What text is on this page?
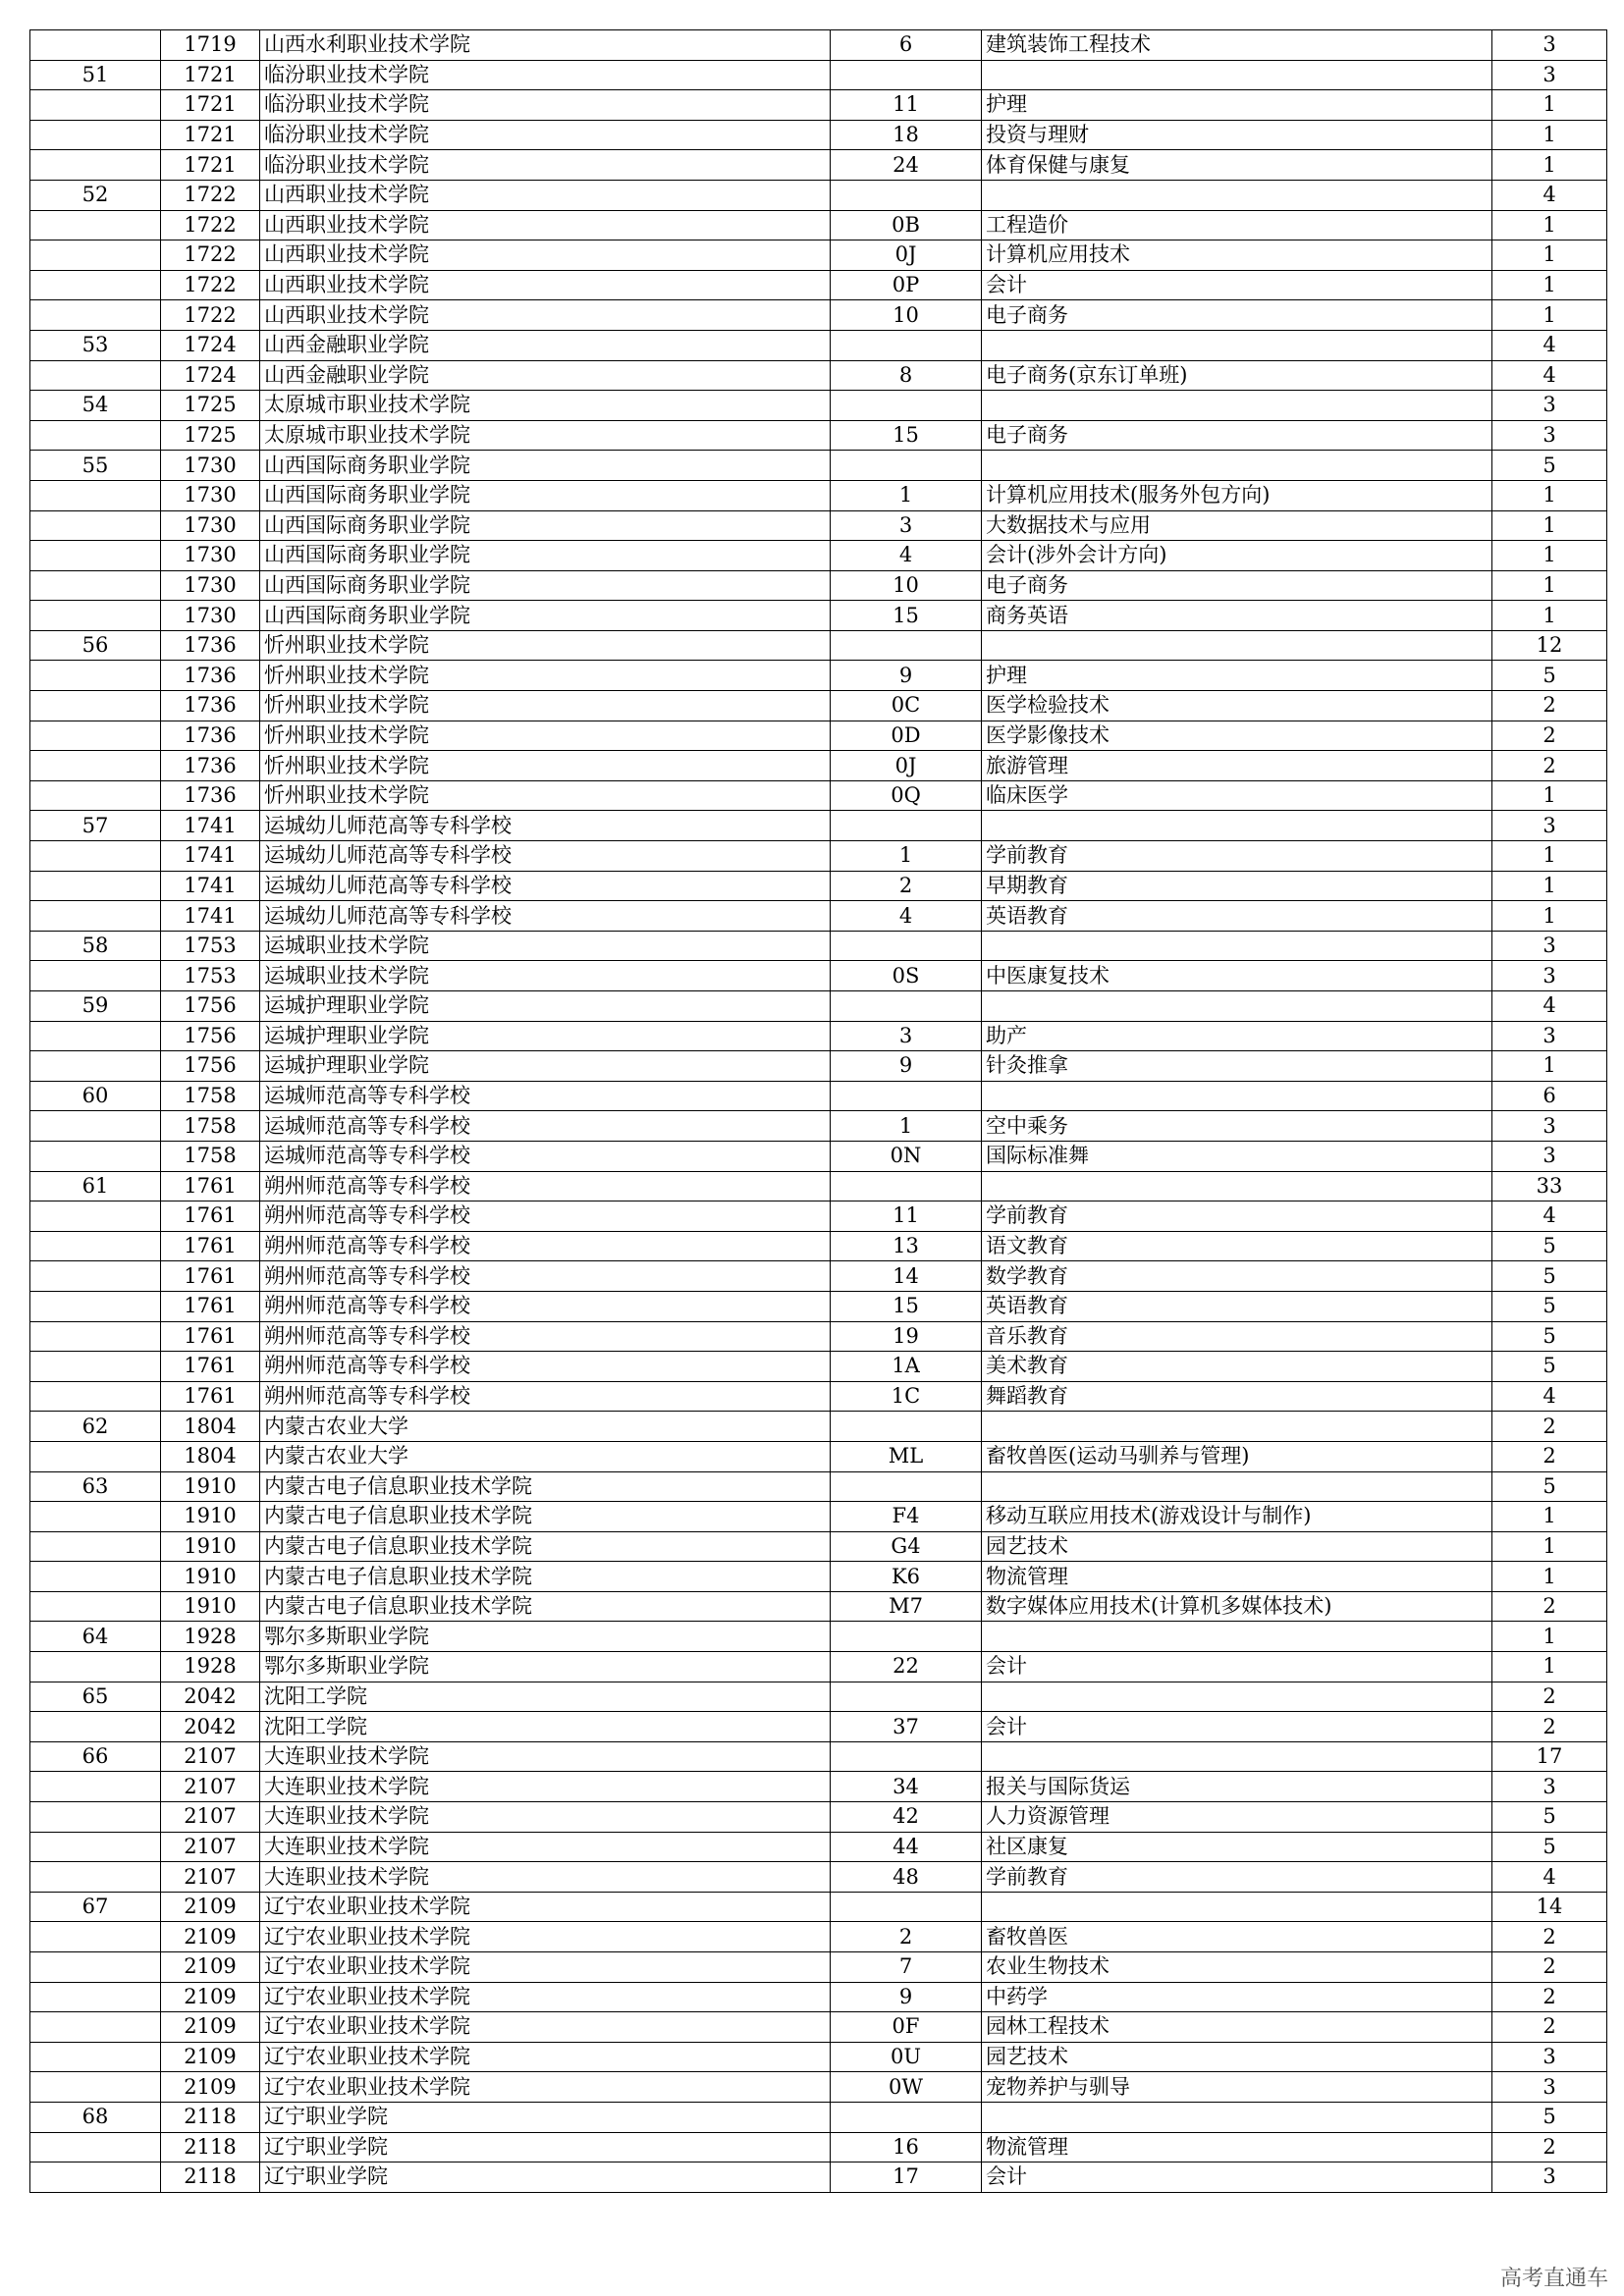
	1719	山西水利职业技术学院	6	建筑装饰工程技术	3
51	1721	临汾职业技术学院			3
	1721	临汾职业技术学院	11	护理	1
	1721	临汾职业技术学院	18	投资与理财	1
	1721	临汾职业技术学院	24	体育保健与康复	1
52	1722	山西职业技术学院			4
	1722	山西职业技术学院	0B	工程造价	1
	1722	山西职业技术学院	0J	计算机应用技术	1
	1722	山西职业技术学院	0P	会计	1
	1722	山西职业技术学院	10	电子商务	1
53	1724	山西金融职业学院			4
	1724	山西金融职业学院	8	电子商务(京东订单班)	4
54	1725	太原城市职业技术学院			3
	1725	太原城市职业技术学院	15	电子商务	3
55	1730	山西国际商务职业学院			5
	1730	山西国际商务职业学院	1	计算机应用技术(服务外包方向)	1
	1730	山西国际商务职业学院	3	大数据技术与应用	1
	1730	山西国际商务职业学院	4	会计(涉外会计方向)	1
	1730	山西国际商务职业学院	10	电子商务	1
	1730	山西国际商务职业学院	15	商务英语	1
56	1736	忻州职业技术学院			12
	1736	忻州职业技术学院	9	护理	5
	1736	忻州职业技术学院	0C	医学检验技术	2
	1736	忻州职业技术学院	0D	医学影像技术	2
	1736	忻州职业技术学院	0J	旅游管理	2
	1736	忻州职业技术学院	0Q	临床医学	1
57	1741	运城幼儿师范高等专科学校			3
	1741	运城幼儿师范高等专科学校	1	学前教育	1
	1741	运城幼儿师范高等专科学校	2	早期教育	1
	1741	运城幼儿师范高等专科学校	4	英语教育	1
58	1753	运城职业技术学院			3
	1753	运城职业技术学院	0S	中医康复技术	3
59	1756	运城护理职业学院			4
	1756	运城护理职业学院	3	助产	3
	1756	运城护理职业学院	9	针灸推拿	1
60	1758	运城师范高等专科学校			6
	1758	运城师范高等专科学校	1	空中乘务	3
	1758	运城师范高等专科学校	0N	国际标准舞	3
61	1761	朔州师范高等专科学校			33
	1761	朔州师范高等专科学校	11	学前教育	4
	1761	朔州师范高等专科学校	13	语文教育	5
	1761	朔州师范高等专科学校	14	数学教育	5
	1761	朔州师范高等专科学校	15	英语教育	5
	1761	朔州师范高等专科学校	19	音乐教育	5
	1761	朔州师范高等专科学校	1A	美术教育	5
	1761	朔州师范高等专科学校	1C	舞蹈教育	4
62	1804	内蒙古农业大学			2
	1804	内蒙古农业大学	ML	畜牧兽医(运动马驯养与管理)	2
63	1910	内蒙古电子信息职业技术学院			5
	1910	内蒙古电子信息职业技术学院	F4	移动互联应用技术(游戏设计与制作)	1
	1910	内蒙古电子信息职业技术学院	G4	园艺技术	1
	1910	内蒙古电子信息职业技术学院	K6	物流管理	1
	1910	内蒙古电子信息职业技术学院	M7	数字媒体应用技术(计算机多媒体技术)	2
64	1928	鄂尔多斯职业学院			1
	1928	鄂尔多斯职业学院	22	会计	1
65	2042	沈阳工学院			2
	2042	沈阳工学院	37	会计	2
66	2107	大连职业技术学院			17
	2107	大连职业技术学院	34	报关与国际货运	3
	2107	大连职业技术学院	42	人力资源管理	5
	2107	大连职业技术学院	44	社区康复	5
	2107	大连职业技术学院	48	学前教育	4
67	2109	辽宁农业职业技术学院			14
	2109	辽宁农业职业技术学院	2	畜牧兽医	2
	2109	辽宁农业职业技术学院	7	农业生物技术	2
	2109	辽宁农业职业技术学院	9	中药学	2
	2109	辽宁农业职业技术学院	0F	园林工程技术	2
	2109	辽宁农业职业技术学院	0U	园艺技术	3
	2109	辽宁农业职业技术学院	0W	宠物养护与驯导	3
68	2118	辽宁职业学院			5
	2118	辽宁职业学院	16	物流管理	2
	2118	辽宁职业学院	17	会计	3
高考直通车
